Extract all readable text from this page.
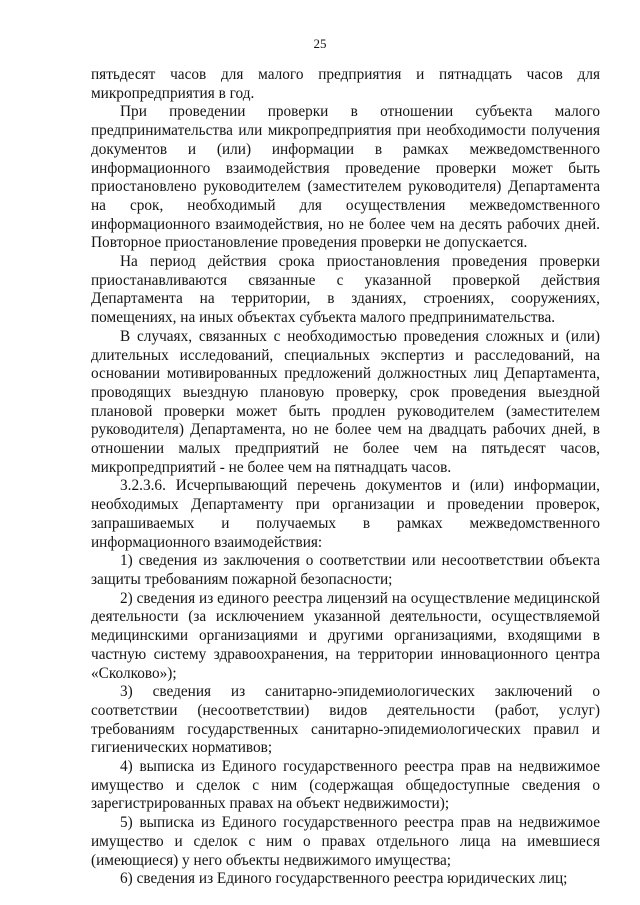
25

пятьдесят часов для малого предприятия и пятнадцать часов для микропредприятия в год.

При проведении проверки в отношении субъекта малого предпринимательства или микропредприятия при необходимости получения документов и (или) информации в рамках межведомственного информационного взаимодействия проведение проверки может быть приостановлено руководителем (заместителем руководителя) Департамента на срок, необходимый для осуществления межведомственного информационного взаимодействия, но не более чем на десять рабочих дней. Повторное приостановление проведения проверки не допускается.

На период действия срока приостановления проведения проверки приостанавливаются связанные с указанной проверкой действия Департамента на территории, в зданиях, строениях, сооружениях, помещениях, на иных объектах субъекта малого предпринимательства.

В случаях, связанных с необходимостью проведения сложных и (или) длительных исследований, специальных экспертиз и расследований, на основании мотивированных предложений должностных лиц Департамента, проводящих выездную плановую проверку, срок проведения выездной плановой проверки может быть продлен руководителем (заместителем руководителя) Департамента, но не более чем на двадцать рабочих дней, в отношении малых предприятий не более чем на пятьдесят часов, микропредприятий - не более чем на пятнадцать часов.

3.2.3.6. Исчерпывающий перечень документов и (или) информации, необходимых Департаменту при организации и проведении проверок, запрашиваемых и получаемых в рамках межведомственного информационного взаимодействия:

1) сведения из заключения о соответствии или несоответствии объекта защиты требованиям пожарной безопасности;

2) сведения из единого реестра лицензий на осуществление медицинской деятельности (за исключением указанной деятельности, осуществляемой медицинскими организациями и другими организациями, входящими в частную систему здравоохранения, на территории инновационного центра «Сколково»);

3) сведения из санитарно-эпидемиологических заключений о соответствии (несоответствии) видов деятельности (работ, услуг) требованиям государственных санитарно-эпидемиологических правил и гигиенических нормативов;

4) выписка из Единого государственного реестра прав на недвижимое имущество и сделок с ним (содержащая общедоступные сведения о зарегистрированных правах на объект недвижимости);

5) выписка из Единого государственного реестра прав на недвижимое имущество и сделок с ним о правах отдельного лица на имевшиеся (имеющиеся) у него объекты недвижимого имущества;

6) сведения из Единого государственного реестра юридических лиц;
